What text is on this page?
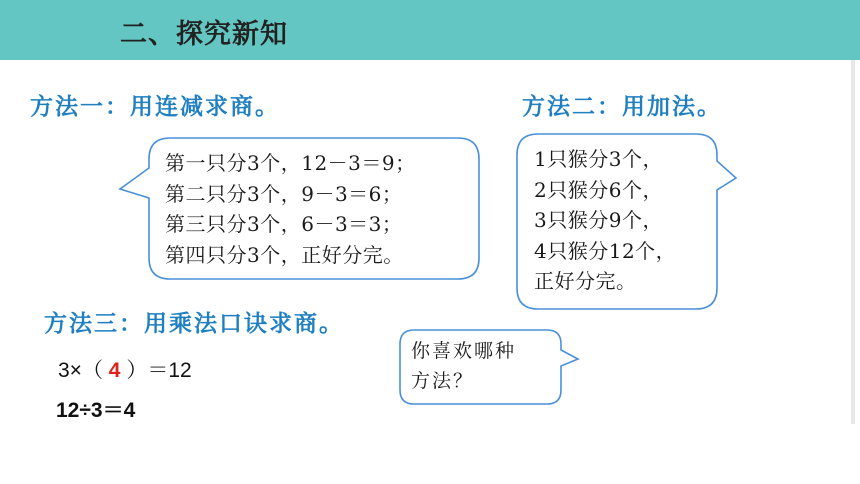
二、探究新知
方法一：用连减求商。
第一只分3个，12－3＝9；
第二只分3个，9－3＝6；
第三只分3个，6－3＝3；
第四只分3个，正好分完。
方法二：用加法。
1只猴分3个，
2只猴分6个，
3只猴分9个，
4只猴分12个，
正好分完。
方法三：用乘法口诀求商。
3×（ 4 ）＝12
12÷3＝4
你喜欢哪种
方法？
